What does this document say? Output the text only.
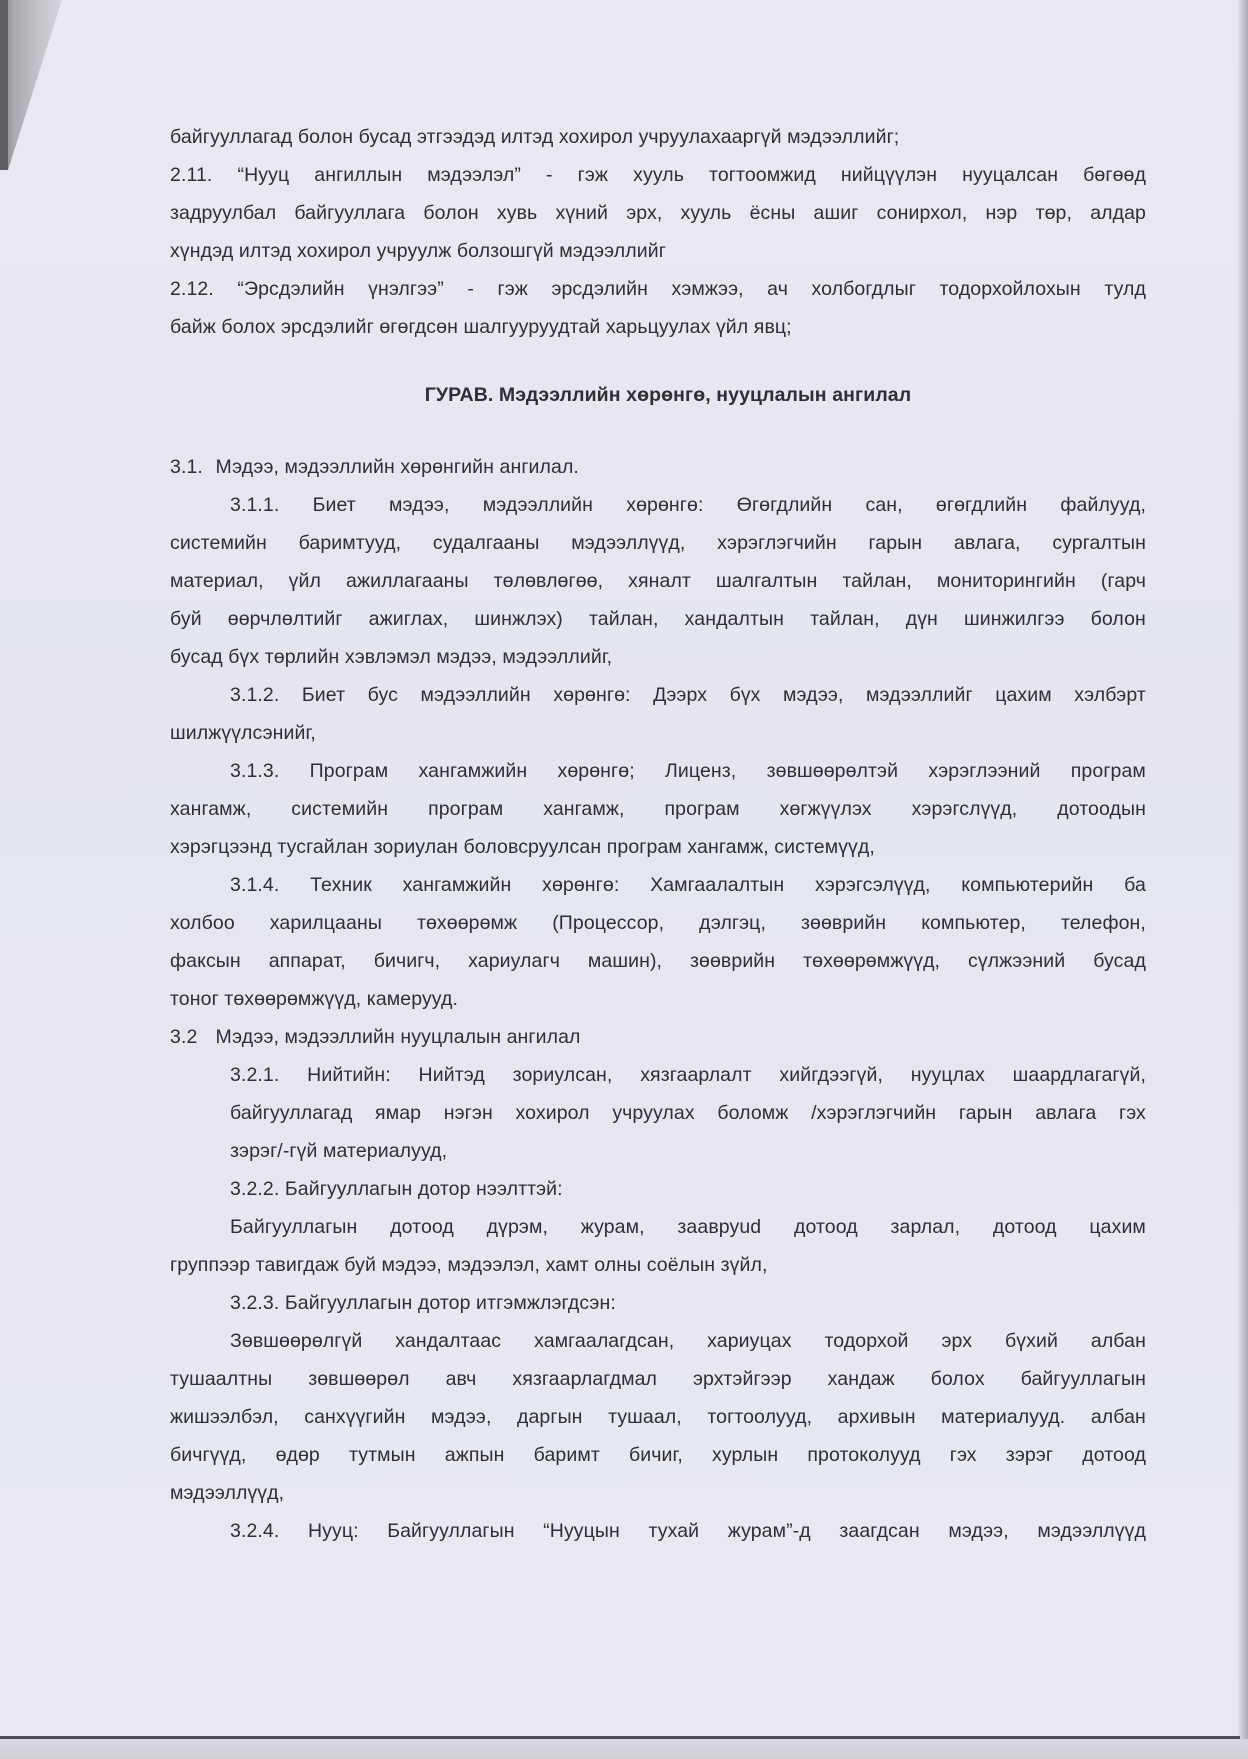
байгууллагад болон бусад этгээдэд илтэд хохирол учруулахааргүй мэдээллийг;
2.11. “Нууц ангиллын мэдээлэл” - гэж хууль тогтоомжид нийцүүлэн нууцалсан бөгөөд
задруулбал байгууллага болон хувь хүний эрх, хууль ёсны ашиг сонирхол, нэр төр, алдар
хүндэд илтэд хохирол учруулж болзошгүй мэдээллийг
2.12. “Эрсдэлийн үнэлгээ” - гэж эрсдэлийн хэмжээ, ач холбогдлыг тодорхойлохын тулд
байж болох эрсдэлийг өгөгдсөн шалгууруудтай харьцуулах үйл явц;
ГУРАВ. Мэдээллийн хөрөнгө, нууцлалын ангилал
3.1. Мэдээ, мэдээллийн хөрөнгийн ангилал.
3.1.1. Биет мэдээ, мэдээллийн хөрөнгө: Өгөгдлийн сан, өгөгдлийн файлууд,
системийн баримтууд, судалгааны мэдээллүүд, хэрэглэгчийн гарын авлага, сургалтын
материал, үйл ажиллагааны төлөвлөгөө, хяналт шалгалтын тайлан, мониторингийн (гарч
буй өөрчлөлтийг ажиглах, шинжлэх) тайлан, хандалтын тайлан, дүн шинжилгээ болон
бусад бүх төрлийн хэвлэмэл мэдээ, мэдээллийг,
3.1.2. Биет бус мэдээллийн хөрөнгө: Дээрх бүх мэдээ, мэдээллийг цахим хэлбэрт
шилжүүлсэнийг,
3.1.3. Програм хангамжийн хөрөнгө; Лиценз, зөвшөөрөлтэй хэрэглээний програм
хангамж, системийн програм хангамж, програм хөгжүүлэх хэрэгслүүд, дотоодын
хэрэгцээнд тусгайлан зориулан боловсруулсан програм хангамж, системүүд,
3.1.4. Техник хангамжийн хөрөнгө: Хамгаалалтын хэрэгсэлүүд, компьютерийн ба
холбоо харилцааны төхөөрөмж (Процессор, дэлгэц, зөөврийн компьютер, телефон,
факсын аппарат, бичигч, хариулагч машин), зөөврийн төхөөрөмжүүд, сүлжээний бусад
тоног төхөөрөмжүүд, камерууд.
3.2 Мэдээ, мэдээллийн нууцлалын ангилал
3.2.1. Нийтийн: Нийтэд зориулсан, хязгаарлалт хийгдээгүй, нууцлах шаардлагагүй,
байгууллагад ямар нэгэн хохирол учруулах боломж /хэрэглэгчийн гарын авлага гэх
зэрэг/-гүй материалууд,
3.2.2. Байгууллагын дотор нээлттэй:
Байгууллагын дотоод дүрэм, журам, заавруud дотоод зарлал, дотоод цахим
группээр тавигдаж буй мэдээ, мэдээлэл, хамт олны соёлын зүйл,
3.2.3. Байгууллагын дотор итгэмжлэгдсэн:
Зөвшөөрөлгүй хандалтаас хамгаалагдсан, хариуцах тодорхой эрх бүхий албан
тушаалтны зөвшөөрөл авч хязгаарлагдмал эрхтэйгээр хандаж болох байгууллагын
жишээлбэл, санхүүгийн мэдээ, даргын тушаал, тогтоолууд, архивын материалууд. албан
бичгүүд, өдөр тутмын ажпын баримт бичиг, хурлын протоколууд гэх зэрэг дотоод
мэдээллүүд,
3.2.4. Нууц: Байгууллагын “Нууцын тухай журам”-д заагдсан мэдээ, мэдээллүүд
